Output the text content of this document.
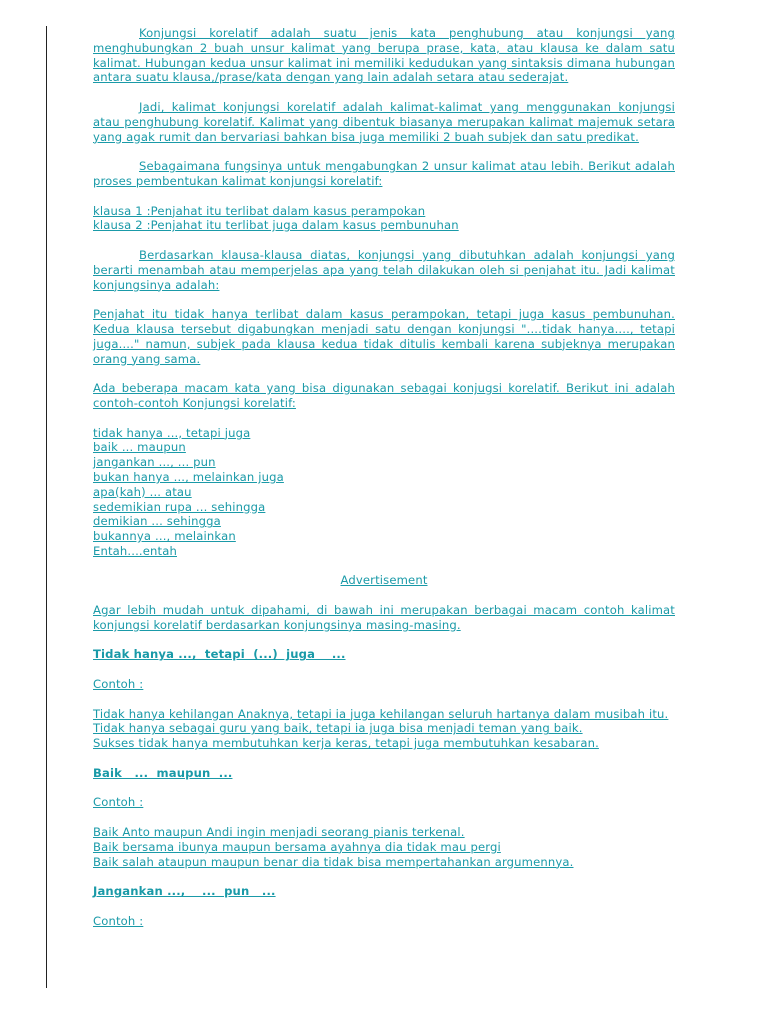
Konjungsi korelatif adalah suatu jenis kata penghubung atau konjungsi yang menghubungkan 2 buah unsur kalimat yang berupa prase, kata, atau klausa ke dalam satu kalimat. Hubungan kedua unsur kalimat ini memiliki kedudukan yang sintaksis dimana hubungan antara suatu klausa,/prase/kata dengan yang lain adalah setara atau sederajat.

Jadi, kalimat konjungsi korelatif adalah kalimat-kalimat yang menggunakan konjungsi atau penghubung korelatif. Kalimat yang dibentuk biasanya merupakan kalimat majemuk setara yang agak rumit dan bervariasi bahkan bisa juga memiliki 2 buah subjek dan satu predikat.

Sebagaimana fungsinya untuk mengabungkan 2 unsur kalimat atau lebih. Berikut adalah proses pembentukan kalimat konjungsi korelatif:

klausa 1 :Penjahat itu terlibat dalam kasus perampokan
klausa 2 :Penjahat itu terlibat juga dalam kasus pembunuhan

Berdasarkan klausa-klausa diatas, konjungsi yang dibutuhkan adalah konjungsi yang berarti menambah atau memperjelas apa yang telah dilakukan oleh si penjahat itu. Jadi kalimat konjungsinya adalah:

Penjahat itu tidak hanya terlibat dalam kasus perampokan, tetapi juga kasus pembunuhan. Kedua klausa tersebut digabungkan menjadi satu dengan konjungsi "....tidak hanya...., tetapi juga...." namun, subjek pada klausa kedua tidak ditulis kembali karena subjeknya merupakan orang yang sama.

Ada beberapa macam kata yang bisa digunakan sebagai konjugsi korelatif. Berikut ini adalah contoh-contoh Konjungsi korelatif:

tidak hanya ..., tetapi juga
baik ... maupun
jangankan ..., ... pun
bukan hanya ..., melainkan juga
apa(kah) ... atau
sedemikian rupa ... sehingga
demikian ... sehingga
bukannya ..., melainkan
Entah....entah
Advertisement

Agar lebih mudah untuk dipahami, di bawah ini merupakan berbagai macam contoh kalimat konjungsi korelatif berdasarkan konjungsinya masing-masing.

Tidak hanya ...,  tetapi  (...)  juga    ...
Contoh :
Tidak hanya kehilangan Anaknya, tetapi ia juga kehilangan seluruh hartanya dalam musibah itu.
Tidak hanya sebagai guru yang baik, tetapi ia juga bisa menjadi teman yang baik.
Sukses tidak hanya membutuhkan kerja keras, tetapi juga membutuhkan kesabaran.
Baik   ...  maupun  ...
Contoh :
Baik Anto maupun Andi ingin menjadi seorang pianis terkenal.
Baik bersama ibunya maupun bersama ayahnya dia tidak mau pergi
Baik salah ataupun maupun benar dia tidak bisa mempertahankan argumennya.
Jangankan ...,    ...  pun   ...
Contoh :
